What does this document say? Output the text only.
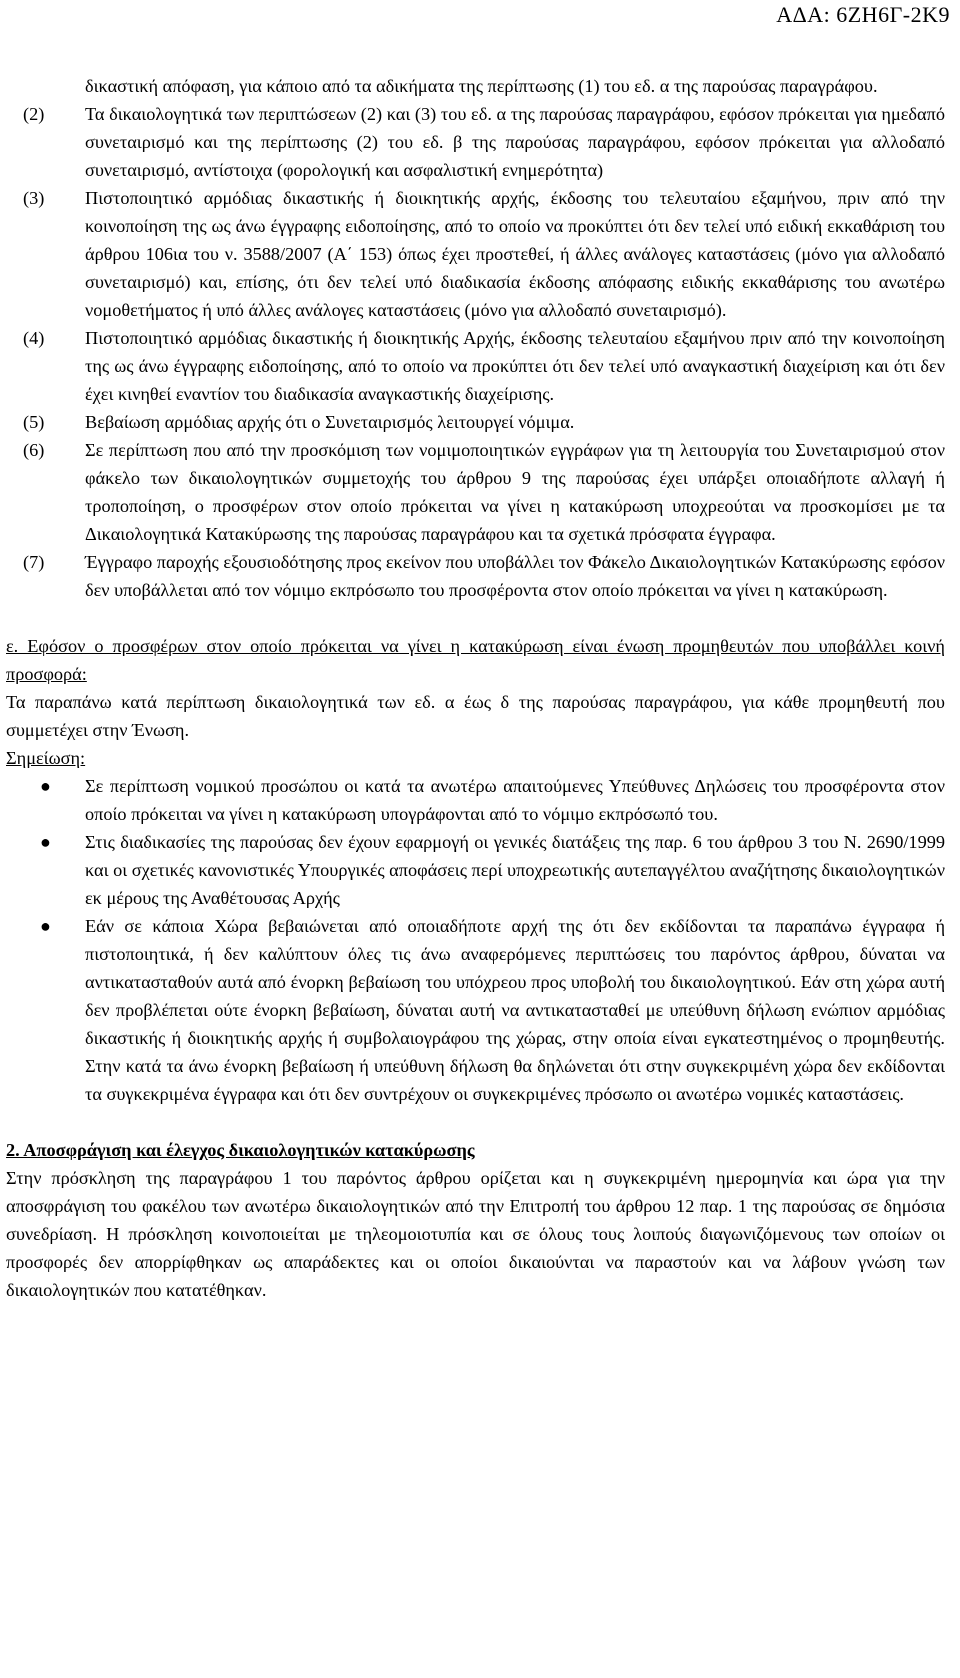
ΑΔΑ: 6ΖΗ6Γ-2Κ9
δικαστική απόφαση, για κάποιο από τα αδικήματα της περίπτωσης (1) του εδ. α της παρούσας παραγράφου.
(2)	Τα δικαιολογητικά των περιπτώσεων (2) και (3) του εδ. α της παρούσας παραγράφου, εφόσον πρόκειται για ημεδαπό συνεταιρισμό και της περίπτωσης (2) του εδ. β της παρούσας παραγράφου, εφόσον πρόκειται για αλλοδαπό συνεταιρισμό, αντίστοιχα (φορολογική και ασφαλιστική ενημερότητα)
(3)	Πιστοποιητικό αρμόδιας δικαστικής ή διοικητικής αρχής, έκδοσης του τελευταίου εξαμήνου, πριν από την κοινοποίηση της ως άνω έγγραφης ειδοποίησης, από το οποίο να προκύπτει ότι δεν τελεί υπό ειδική εκκαθάριση του άρθρου 106ια του ν. 3588/2007 (Α΄ 153) όπως έχει προστεθεί, ή άλλες ανάλογες καταστάσεις (μόνο για αλλοδαπό συνεταιρισμό) και, επίσης, ότι δεν τελεί υπό διαδικασία έκδοσης απόφασης ειδικής εκκαθάρισης του ανωτέρω νομοθετήματος ή υπό άλλες ανάλογες καταστάσεις (μόνο για αλλοδαπό συνεταιρισμό).
(4)	Πιστοποιητικό αρμόδιας δικαστικής ή διοικητικής Αρχής, έκδοσης τελευταίου εξαμήνου πριν από την κοινοποίηση της ως άνω έγγραφης ειδοποίησης, από το οποίο να προκύπτει ότι δεν τελεί υπό αναγκαστική διαχείριση και ότι δεν έχει κινηθεί εναντίον του διαδικασία αναγκαστικής διαχείρισης.
(5)	Βεβαίωση αρμόδιας αρχής ότι ο Συνεταιρισμός λειτουργεί νόμιμα.
(6)	Σε περίπτωση που από την προσκόμιση των νομιμοποιητικών εγγράφων για τη λειτουργία του Συνεταιρισμού στον φάκελο των δικαιολογητικών συμμετοχής του άρθρου 9 της παρούσας έχει υπάρξει οποιαδήποτε αλλαγή ή τροποποίηση, ο προσφέρων στον οποίο πρόκειται να γίνει η κατακύρωση υποχρεούται να προσκομίσει με τα Δικαιολογητικά Κατακύρωσης της παρούσας παραγράφου και τα σχετικά πρόσφατα έγγραφα.
(7)	Έγγραφο παροχής εξουσιοδότησης προς εκείνον που υποβάλλει τον Φάκελο Δικαιολογητικών Κατακύρωσης εφόσον δεν υποβάλλεται από τον νόμιμο εκπρόσωπο του προσφέροντα στον οποίο πρόκειται να γίνει η κατακύρωση.
ε. Εφόσον ο προσφέρων στον οποίο πρόκειται να γίνει η κατακύρωση είναι ένωση προμηθευτών που υποβάλλει κοινή προσφορά:
Τα παραπάνω κατά περίπτωση δικαιολογητικά των εδ. α έως δ της παρούσας παραγράφου, για κάθε προμηθευτή που συμμετέχει στην Ένωση.
Σημείωση:
●	Σε περίπτωση νομικού προσώπου οι κατά τα ανωτέρω απαιτούμενες Υπεύθυνες Δηλώσεις του προσφέροντα στον οποίο πρόκειται να γίνει η κατακύρωση υπογράφονται από το νόμιμο εκπρόσωπό του.
●	Στις διαδικασίες της παρούσας δεν έχουν εφαρμογή οι γενικές διατάξεις της παρ. 6 του άρθρου 3 του Ν. 2690/1999 και οι σχετικές κανονιστικές Υπουργικές αποφάσεις περί υποχρεωτικής αυτεπαγγέλτου αναζήτησης δικαιολογητικών εκ μέρους της Αναθέτουσας Αρχής
●	Εάν σε κάποια Χώρα βεβαιώνεται από οποιαδήποτε αρχή της ότι δεν εκδίδονται τα παραπάνω έγγραφα ή πιστοποιητικά, ή δεν καλύπτουν όλες τις άνω αναφερόμενες περιπτώσεις του παρόντος άρθρου, δύναται να αντικατασταθούν αυτά από ένορκη βεβαίωση του υπόχρεου προς υποβολή του δικαιολογητικού. Εάν στη χώρα αυτή δεν προβλέπεται ούτε ένορκη βεβαίωση, δύναται αυτή να αντικατασταθεί με υπεύθυνη δήλωση ενώπιον αρμόδιας δικαστικής ή διοικητικής αρχής ή συμβολαιογράφου της χώρας, στην οποία είναι εγκατεστημένος ο προμηθευτής. Στην κατά τα άνω ένορκη βεβαίωση ή υπεύθυνη δήλωση θα δηλώνεται ότι στην συγκεκριμένη χώρα δεν εκδίδονται τα συγκεκριμένα έγγραφα και ότι δεν συντρέχουν οι συγκεκριμένες πρόσωπο οι ανωτέρω νομικές καταστάσεις.
2. Αποσφράγιση και έλεγχος δικαιολογητικών κατακύρωσης
Στην πρόσκληση της παραγράφου 1 του παρόντος άρθρου ορίζεται και η συγκεκριμένη ημερομηνία και ώρα για την αποσφράγιση του φακέλου των ανωτέρω δικαιολογητικών από την Επιτροπή του άρθρου 12 παρ. 1 της παρούσας σε δημόσια συνεδρίαση. Η πρόσκληση κοινοποιείται με τηλεομοιοτυπία και σε όλους τους λοιπούς διαγωνιζόμενους των οποίων οι προσφορές δεν απορρίφθηκαν ως απαράδεκτες και οι οποίοι δικαιούνται να παραστούν και να λάβουν γνώση των δικαιολογητικών που κατατέθηκαν.
